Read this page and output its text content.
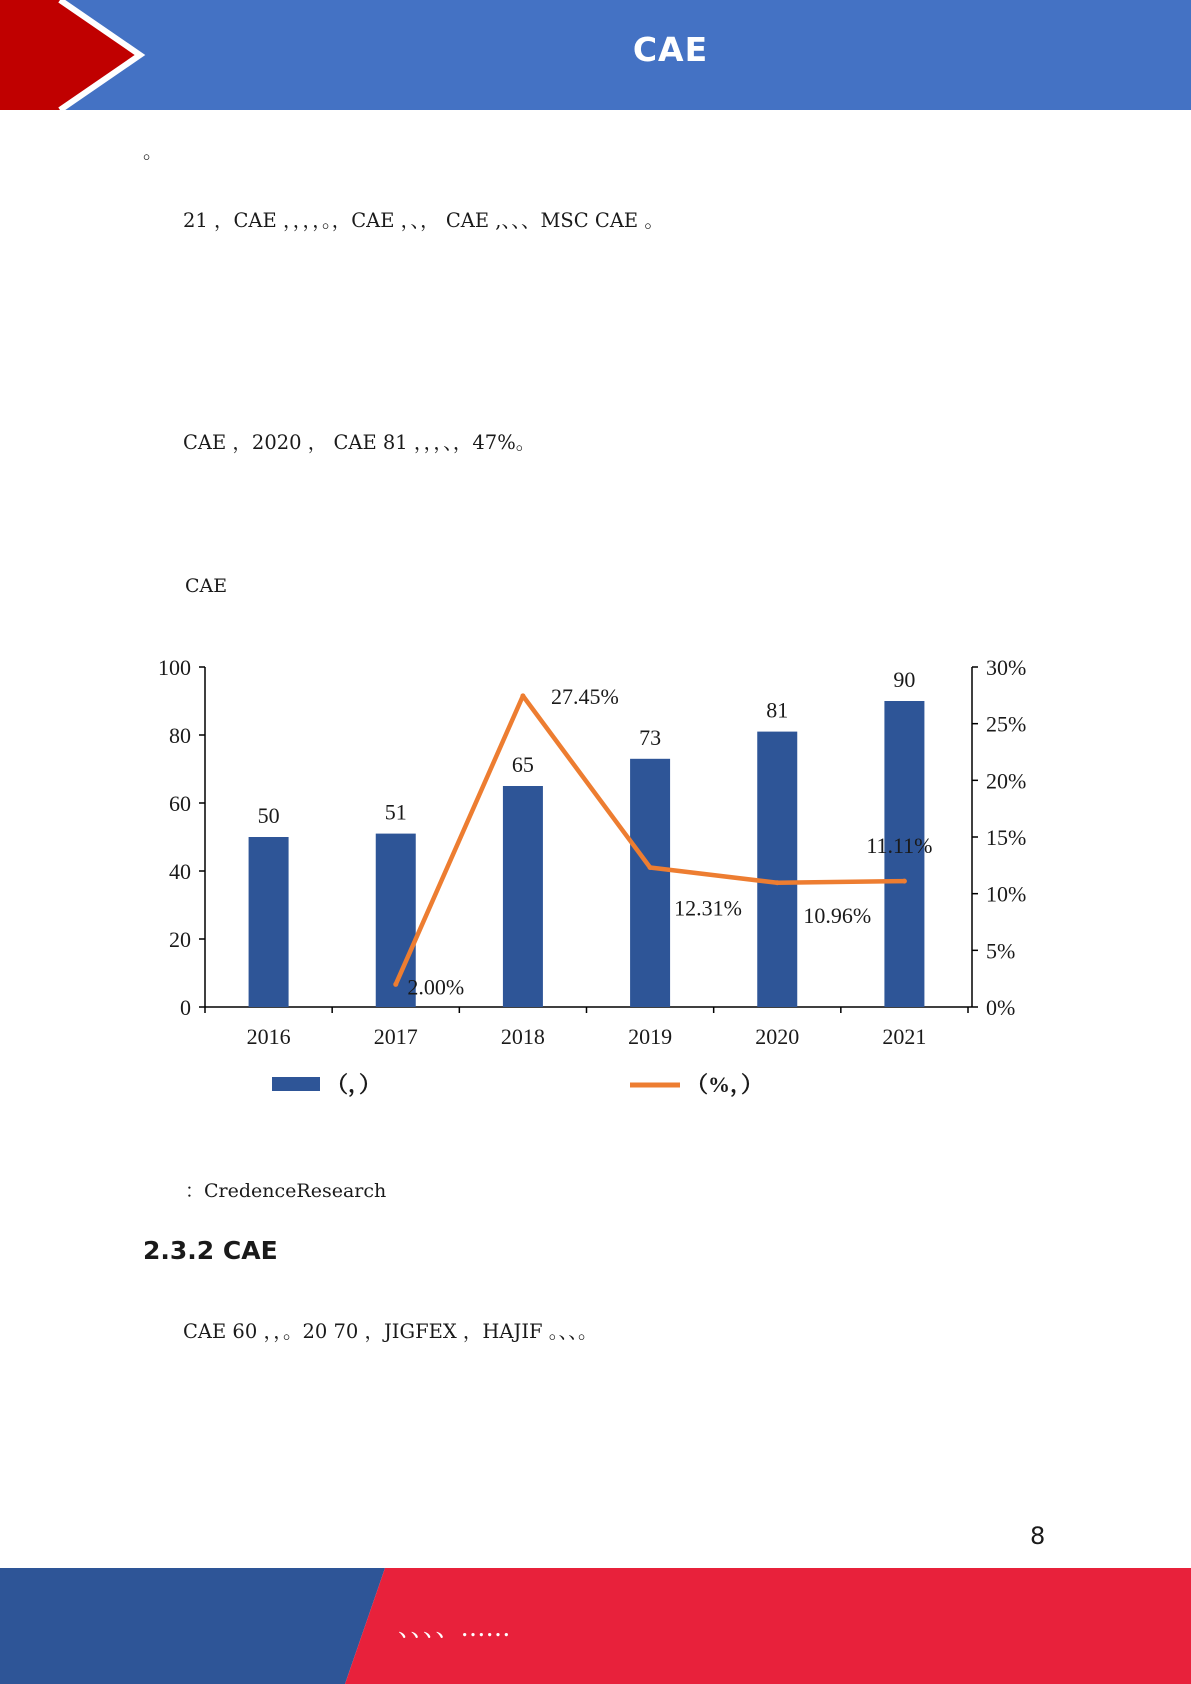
CAE
。
21 ，CAE ，，，，。，CAE ，、， CAE ,、、、MSC CAE 。
CAE ，2020 ， CAE 81 ，，，、，47%。
CAE
0
20
40
60
80
100
0%
5%
10%
15%
20%
25%
30%
2016	2017	2018	2019	2020	2021
50	51
65
73
81
90
2.00%
27.45%
12.31%	10.96%
11.11%
（，）	（%，）
：CredenceResearch
2.3.2 CAE
CAE 60 ，，。20 70 ，JIGFEX ，HAJIF 。、、。
8
、、、、……
